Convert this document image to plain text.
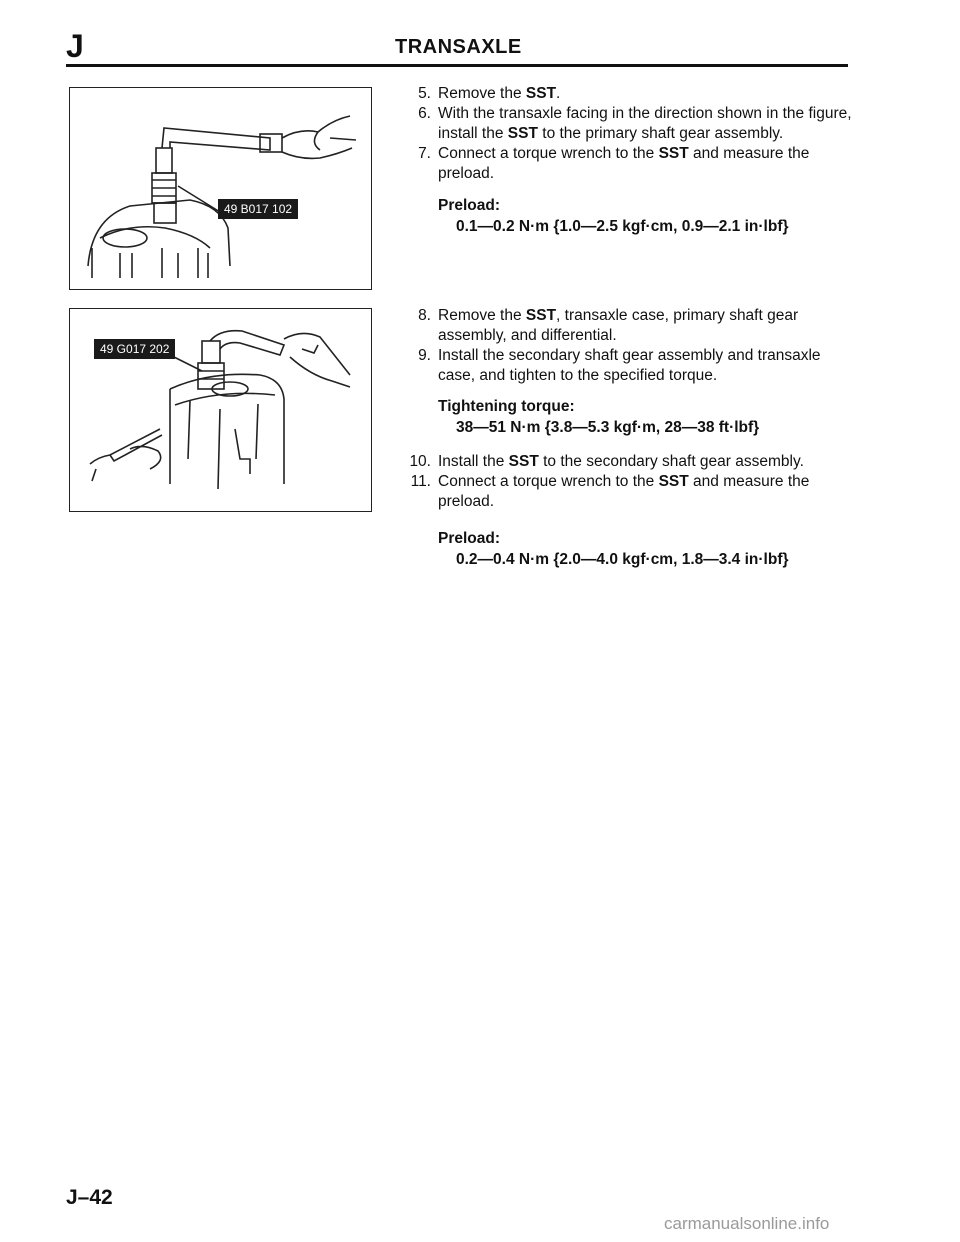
J	TRANSAXLE
49 B017 102
49 G017 202
5. Remove the SST.
6. With the transaxle facing in the direction shown in the figure, install the SST to the primary shaft gear assembly.
7. Connect a torque wrench to the SST and measure the preload.
Preload:
0.1—0.2 N·m {1.0—2.5 kgf·cm, 0.9—2.1 in·lbf}
8. Remove the SST, transaxle case, primary shaft gear assembly, and differential.
9. Install the secondary shaft gear assembly and transaxle case, and tighten to the specified torque.
Tightening torque:
38—51 N·m {3.8—5.3 kgf·m, 28—38 ft·lbf}
10. Install the SST to the secondary shaft gear assembly.
11. Connect a torque wrench to the SST and measure the preload.
Preload:
0.2—0.4 N·m {2.0—4.0 kgf·cm, 1.8—3.4 in·lbf}
J–42
carmanualsonline.info
